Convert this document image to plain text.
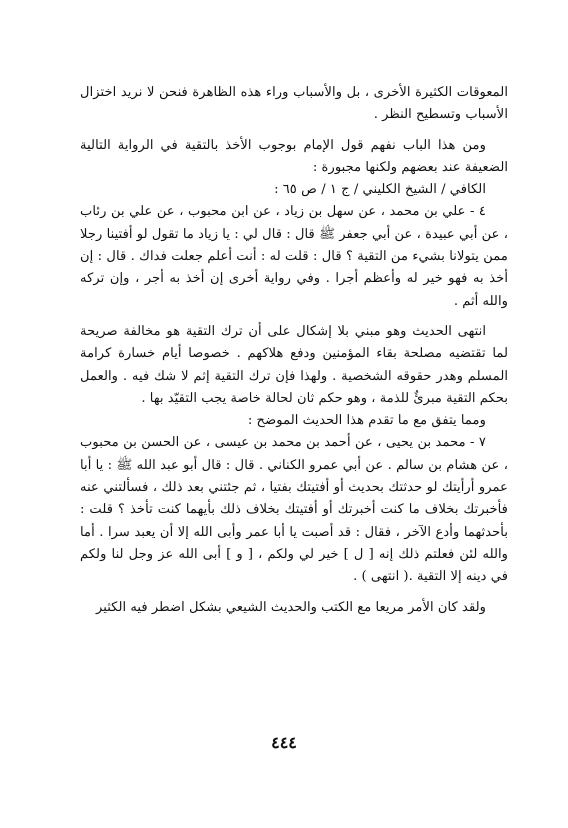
المعوقات الكثيرة الأخرى ، بل والأسباب وراء هذه الظاهرة فنحن لا نريد اختزال الأسباب وتسطيح النظر .

ومن هذا الباب نفهم قول الإمام بوجوب الأخذ بالتقية في الرواية التالية الضعيفة عند بعضهم ولكنها مجبورة :

الكافي / الشيخ الكليني / ج ١ / ص ٦٥ :

٤ - علي بن محمد ، عن سهل بن زياد ، عن ابن محبوب ، عن علي بن رئاب ، عن أبي عبيدة ، عن أبي جعفر ﷺ قال : قال لي : يا زياد ما تقول لو أفتينا رجلا ممن يتولانا بشيء من التقية ؟ قال : قلت له : أنت أعلم جعلت فداك . قال : إن أخذ به فهو خير له وأعظم أجرا . وفي رواية أخرى إن أخذ به أجر ، وإن تركه والله أثم .

انتهى الحديث وهو مبني بلا إشكال على أن ترك التقية هو مخالفة صريحة لما تقتضيه مصلحة بقاء المؤمنين ودفع هلاكهم . خصوصا أيام خسارة كرامة المسلم وهدر حقوقه الشخصية . ولهذا فإن ترك التقية إثم لا شك فيه . والعمل بحكم التقية مبرئٌ للذمة ، وهو حكم ثان لحالة خاصة يجب التقيّد بها .

ومما يتفق مع ما تقدم هذا الحديث الموضح :

٧ - محمد بن يحيى ، عن أحمد بن محمد بن عيسى ، عن الحسن بن محبوب ، عن هشام بن سالم . عن أبي عمرو الكناني . قال : قال أبو عبد الله ﷺ : يا أبا عمرو أرأيتك لو حدثتك بحديث أو أفتيتك بفتيا ، ثم جئتني بعد ذلك ، فسألتني عنه فأخبرتك بخلاف ما كنت أخبرتك أو أفتيتك بخلاف ذلك بأيهما كنت تأخذ ؟ قلت : بأحدثهما وأدع الآخر ، فقال : قد أصبت يا أبا عمر وأبى الله إلا أن يعبد سرا . أما والله لئن فعلتم ذلك إنه [ ل ] خير لي ولكم ، [ و ] أبى الله عز وجل لنا ولكم في دينه إلا التقية .( انتهى ) .

ولقد كان الأمر مريعا مع الكتب والحديث الشيعي بشكل اضطر فيه الكثير

٤٤٤
